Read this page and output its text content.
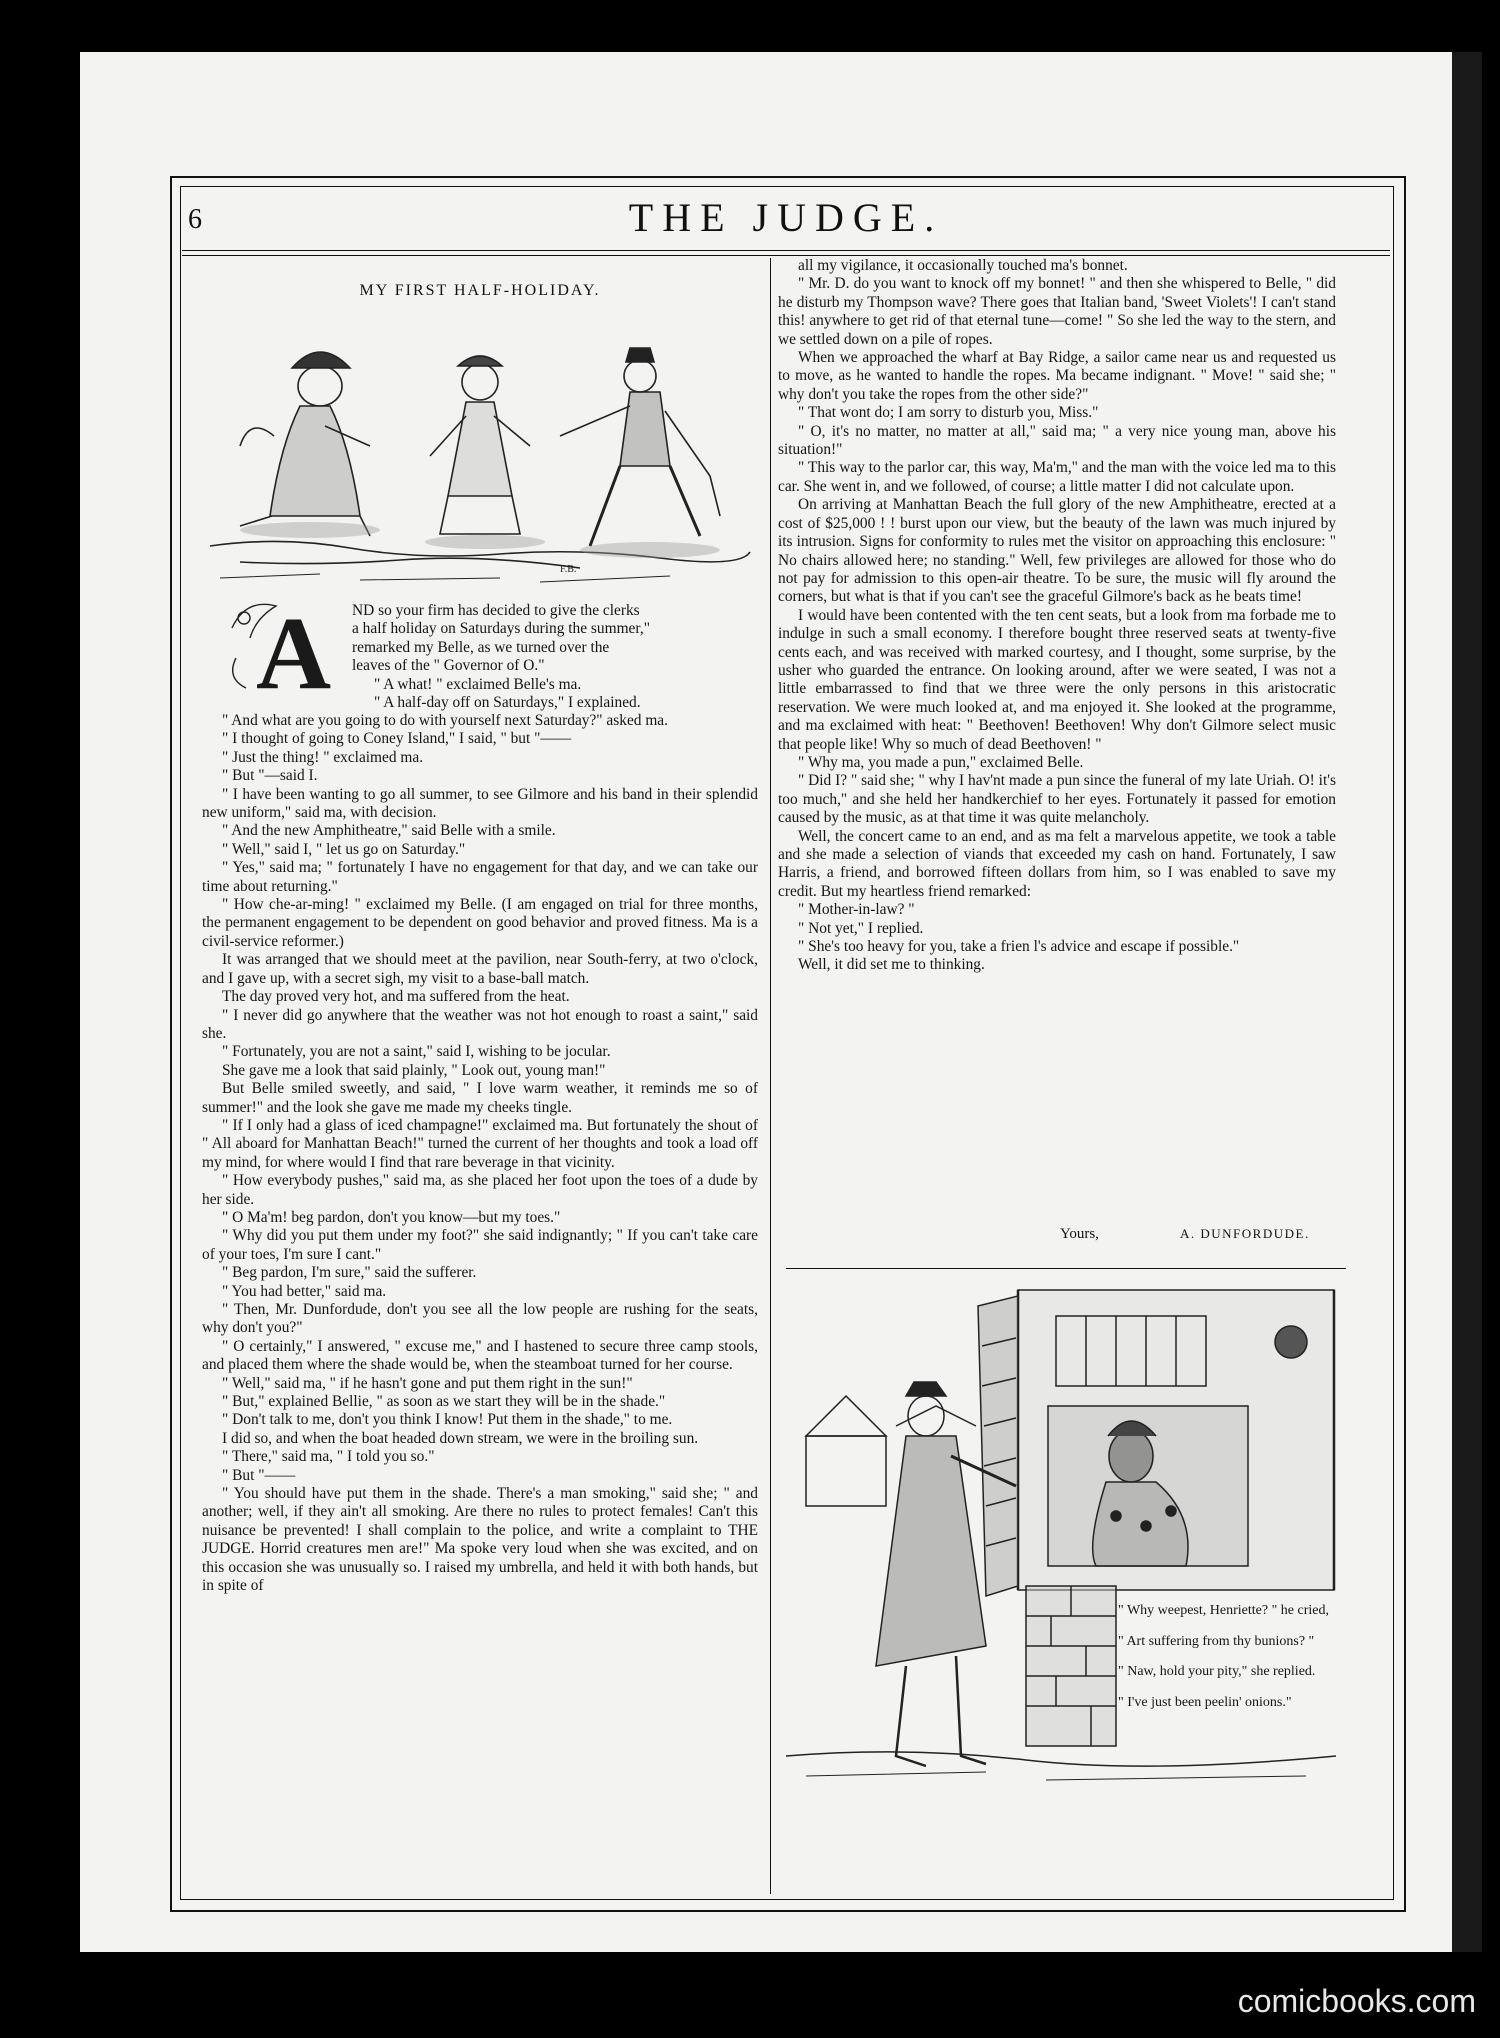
6	THE JUDGE.
MY FIRST HALF-HOLIDAY.
F.B.
A ND so your firm has decided to give the clerks
a half holiday on Saturdays during the summer,"
remarked my Belle, as we turned over the
leaves of the " Governor of O."
" A what! " exclaimed Belle's ma.
" A half-day off on Saturdays," I explained.

" And what are you going to do with yourself next Saturday?" asked ma.

" I thought of going to Coney Island," I said, " but "——

" Just the thing! " exclaimed ma.

" But "—said I.

" I have been wanting to go all summer, to see Gilmore and his band in their splendid new uniform," said ma, with decision.

" And the new Amphitheatre," said Belle with a smile.

" Well," said I, " let us go on Saturday."

" Yes," said ma; " fortunately I have no engagement for that day, and we can take our time about returning."

" How che-ar-ming! " exclaimed my Belle. (I am engaged on trial for three months, the permanent engagement to be dependent on good behavior and proved fitness. Ma is a civil-service reformer.)

It was arranged that we should meet at the pavilion, near South-ferry, at two o'clock, and I gave up, with a secret sigh, my visit to a base-ball match.

The day proved very hot, and ma suffered from the heat.

" I never did go anywhere that the weather was not hot enough to roast a saint," said she.

" Fortunately, you are not a saint," said I, wishing to be jocular.

She gave me a look that said plainly, " Look out, young man!"

But Belle smiled sweetly, and said, " I love warm weather, it reminds me so of summer!" and the look she gave me made my cheeks tingle.

" If I only had a glass of iced champagne!" exclaimed ma. But fortunately the shout of " All aboard for Manhattan Beach!" turned the current of her thoughts and took a load off my mind, for where would I find that rare beverage in that vicinity.

" How everybody pushes," said ma, as she placed her foot upon the toes of a dude by her side.

" O Ma'm! beg pardon, don't you know—but my toes."

" Why did you put them under my foot?" she said indignantly; " If you can't take care of your toes, I'm sure I cant."

" Beg pardon, I'm sure," said the sufferer.

" You had better," said ma.

" Then, Mr. Dunfordude, don't you see all the low people are rushing for the seats, why don't you?"

" O certainly," I answered, " excuse me," and I hastened to secure three camp stools, and placed them where the shade would be, when the steamboat turned for her course.

" Well," said ma, " if he hasn't gone and put them right in the sun!"

" But," explained Bellie, " as soon as we start they will be in the shade."

" Don't talk to me, don't you think I know! Put them in the shade," to me.

I did so, and when the boat headed down stream, we were in the broiling sun.

" There," said ma, " I told you so."

" But "——

" You should have put them in the shade. There's a man smoking," said she; " and another; well, if they ain't all smoking. Are there no rules to protect females! Can't this nuisance be prevented! I shall complain to the police, and write a complaint to THE JUDGE. Horrid creatures men are!" Ma spoke very loud when she was excited, and on this occasion she was unusually so. I raised my umbrella, and held it with both hands, but in spite of

all my vigilance, it occasionally touched ma's bonnet.

" Mr. D. do you want to knock off my bonnet! " and then she whispered to Belle, " did he disturb my Thompson wave? There goes that Italian band, 'Sweet Violets'! I can't stand this! anywhere to get rid of that eternal tune—come! " So she led the way to the stern, and we settled down on a pile of ropes.

When we approached the wharf at Bay Ridge, a sailor came near us and requested us to move, as he wanted to handle the ropes. Ma became indignant. " Move! " said she; " why don't you take the ropes from the other side?"

" That wont do; I am sorry to disturb you, Miss."

" O, it's no matter, no matter at all," said ma; " a very nice young man, above his situation!"

" This way to the parlor car, this way, Ma'm," and the man with the voice led ma to this car. She went in, and we followed, of course; a little matter I did not calculate upon.

On arriving at Manhattan Beach the full glory of the new Amphitheatre, erected at a cost of $25,000 ! ! burst upon our view, but the beauty of the lawn was much injured by its intrusion. Signs for conformity to rules met the visitor on approaching this enclosure: " No chairs allowed here; no standing." Well, few privileges are allowed for those who do not pay for admission to this open-air theatre. To be sure, the music will fly around the corners, but what is that if you can't see the graceful Gilmore's back as he beats time!

I would have been contented with the ten cent seats, but a look from ma forbade me to indulge in such a small economy. I therefore bought three reserved seats at twenty-five cents each, and was received with marked courtesy, and I thought, some surprise, by the usher who guarded the entrance. On looking around, after we were seated, I was not a little embarrassed to find that we three were the only persons in this aristocratic reservation. We were much looked at, and ma enjoyed it. She looked at the programme, and ma exclaimed with heat: " Beethoven! Beethoven! Why don't Gilmore select music that people like! Why so much of dead Beethoven! "

" Why ma, you made a pun," exclaimed Belle.

" Did I? " said she; " why I hav'nt made a pun since the funeral of my late Uriah. O! it's too much," and she held her handkerchief to her eyes. Fortunately it passed for emotion caused by the music, as at that time it was quite melancholy.

Well, the concert came to an end, and as ma felt a marvelous appetite, we took a table and she made a selection of viands that exceeded my cash on hand. Fortunately, I saw Harris, a friend, and borrowed fifteen dollars from him, so I was enabled to save my credit. But my heartless friend remarked:

" Mother-in-law? "

" Not yet," I replied.

" She's too heavy for you, take a frien l's advice and escape if possible."

Well, it did set me to thinking.

Yours,	A. DUNFORDUDE.

" Why weepest, Henriette? " he cried,

" Art suffering from thy bunions? "

" Naw, hold your pity," she replied.

" I've just been peelin' onions."

comicbooks.com
